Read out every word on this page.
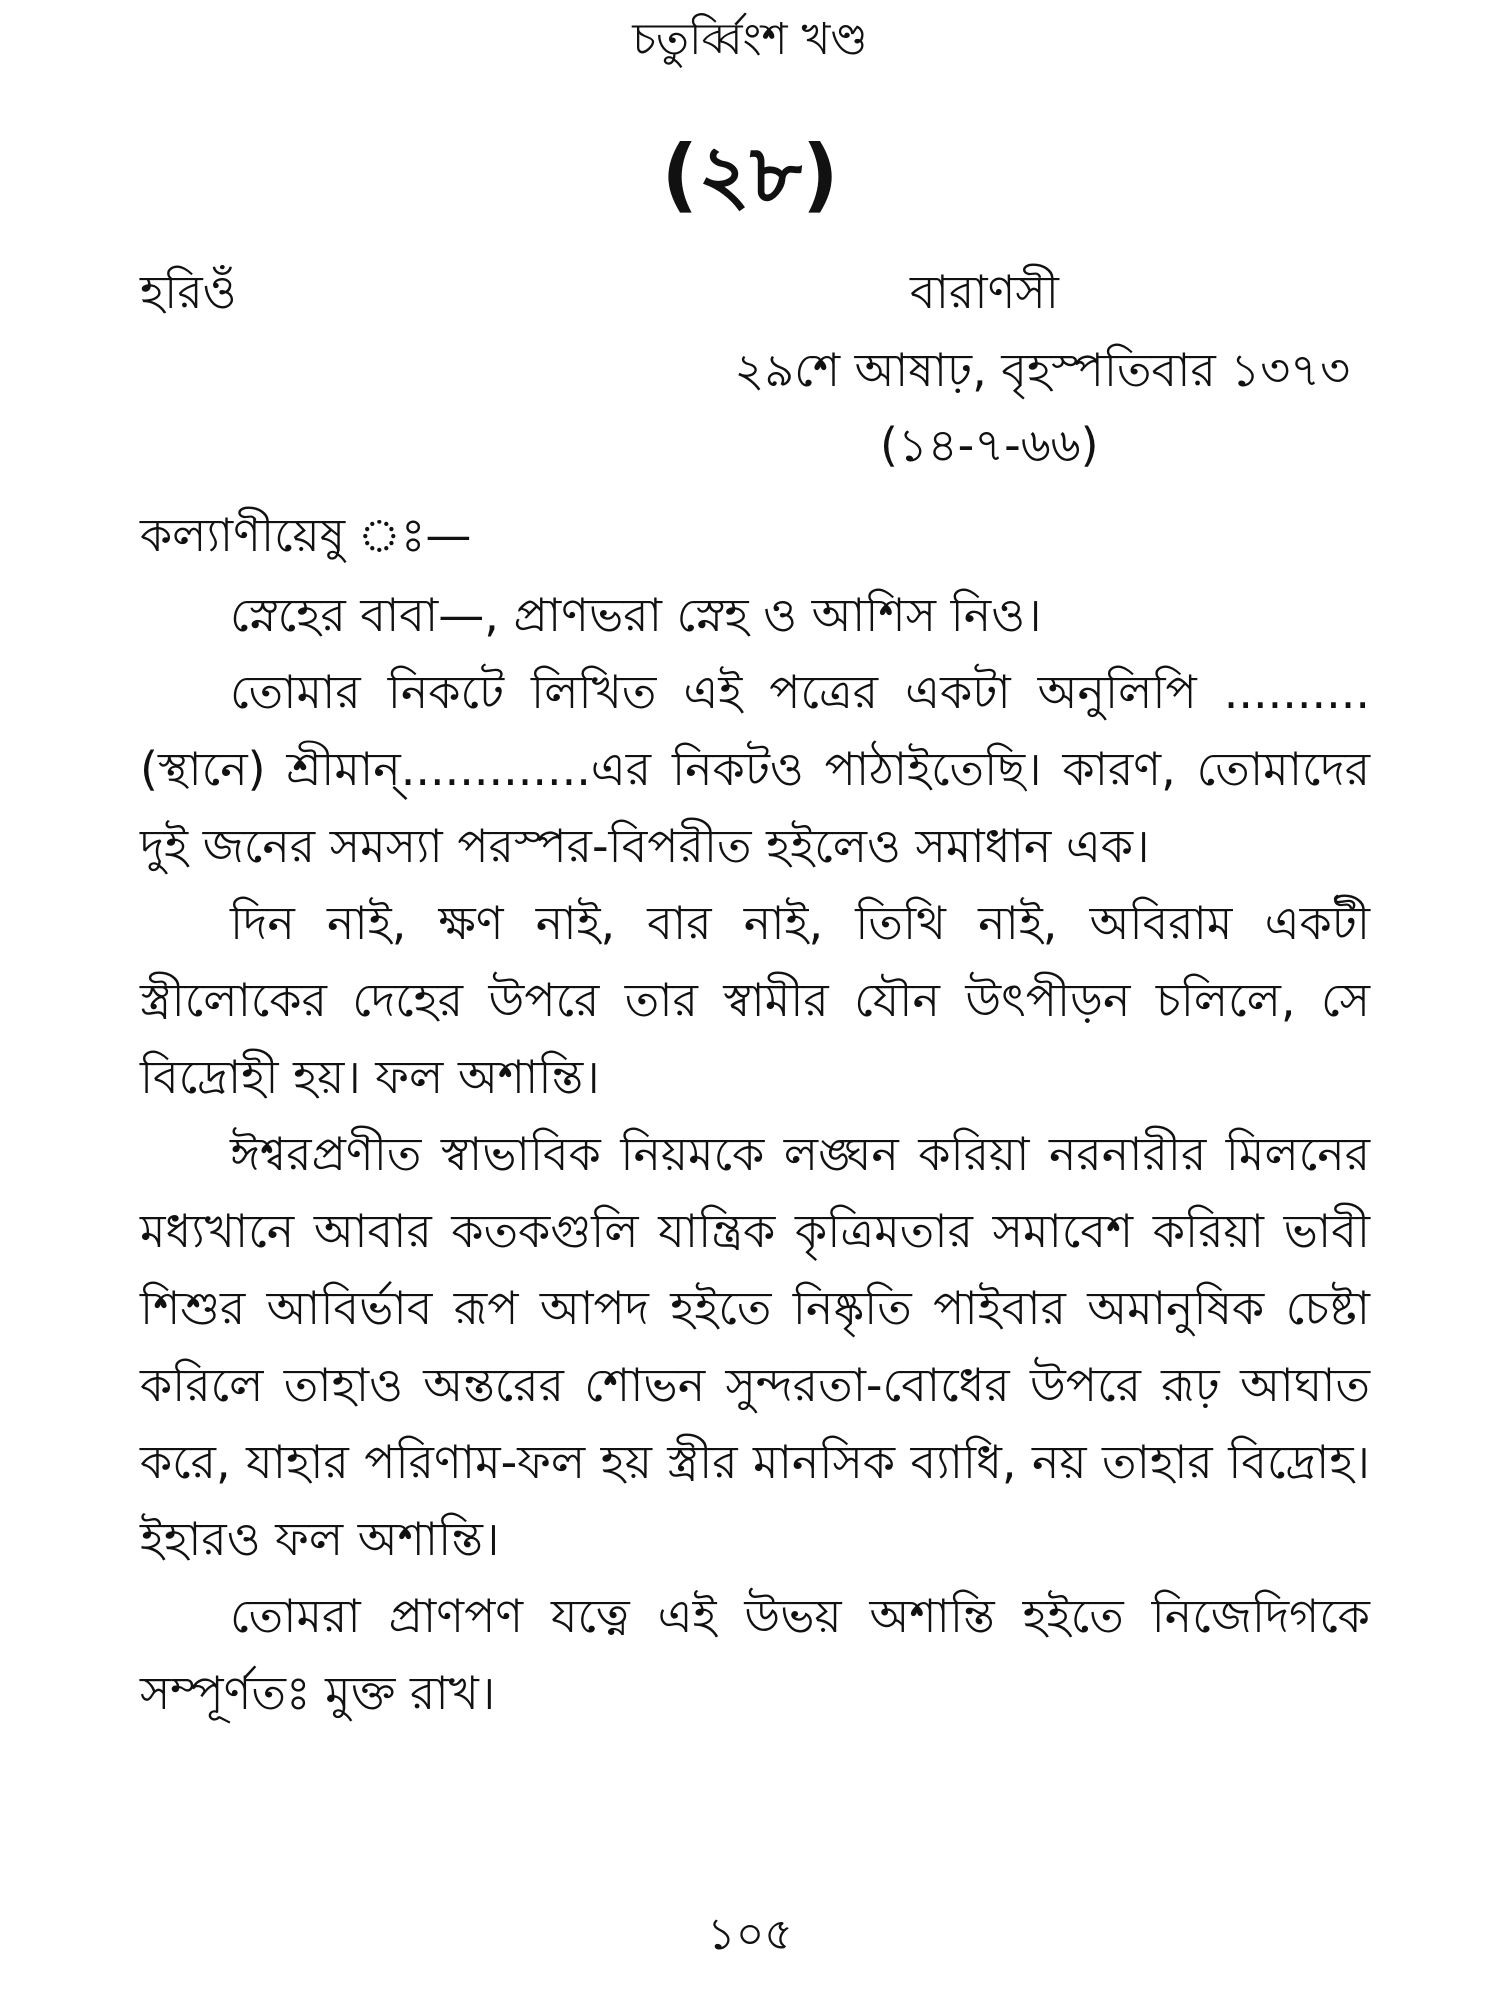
চতুর্ব্বিংশ খণ্ড
(২৮)
হরিওঁ	বারাণসী
২৯শে আষাঢ়, বৃহস্পতিবার ১৩৭৩
(১৪-৭-৬৬)
কল্যাণীয়েষু ঃ—

স্নেহের বাবা—, প্রাণভরা স্নেহ ও আশিস নিও।

তোমার নিকটে লিখিত এই পত্রের একটা অনুলিপি ..........(স্থানে) শ্রীমান্.............এর নিকটও পাঠাইতেছি। কারণ, তোমাদের দুই জনের সমস্যা পরস্পর-বিপরীত হইলেও সমাধান এক।

দিন নাই, ক্ষণ নাই, বার নাই, তিথি নাই, অবিরাম একটী স্ত্রীলোকের দেহের উপরে তার স্বামীর যৌন উৎপীড়ন চলিলে, সে বিদ্রোহী হয়। ফল অশান্তি।

ঈশ্বরপ্রণীত স্বাভাবিক নিয়মকে লঙ্ঘন করিয়া নরনারীর মিলনের মধ্যখানে আবার কতকগুলি যান্ত্রিক কৃত্রিমতার সমাবেশ করিয়া ভাবী শিশুর আবির্ভাব রূপ আপদ হইতে নিষ্কৃতি পাইবার অমানুষিক চেষ্টা করিলে তাহাও অন্তরের শোভন সুন্দরতা-বোধের উপরে রূঢ় আঘাত করে, যাহার পরিণাম-ফল হয় স্ত্রীর মানসিক ব্যাধি, নয় তাহার বিদ্রোহ। ইহারও ফল অশান্তি।

তোমরা প্রাণপণ যত্নে এই উভয় অশান্তি হইতে নিজেদিগকে সম্পূর্ণতঃ মুক্ত রাখ।

১০৫
